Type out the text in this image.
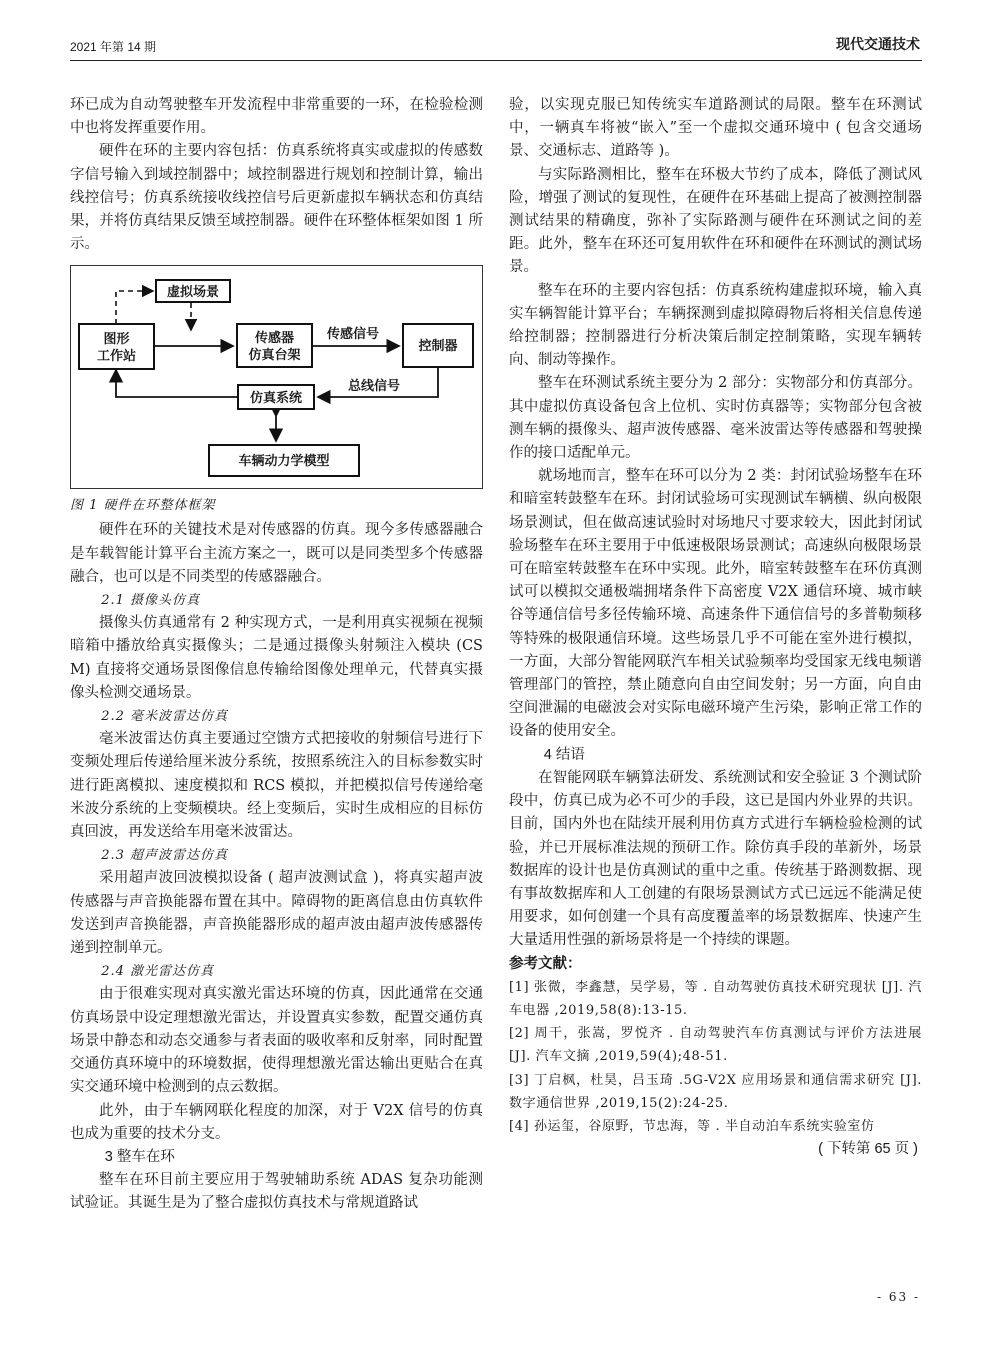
2021 年第 14 期	现代交通技术

环已成为自动驾驶整车开发流程中非常重要的一环，在检验检测中也将发挥重要作用。

硬件在环的主要内容包括：仿真系统将真实或虚拟的传感数字信号输入到域控制器中；域控制器进行规划和控制计算，输出线控信号；仿真系统接收线控信号后更新虚拟车辆状态和仿真结果，并将仿真结果反馈至域控制器。硬件在环整体框架如图 1 所示。

虚拟场景
图形
工作站
传感器
仿真台架
控制器
仿真系统
车辆动力学模型
传感信号
总线信号

图 1 硬件在环整体框架

硬件在环的关键技术是对传感器的仿真。现今多传感器融合是车载智能计算平台主流方案之一，既可以是同类型多个传感器融合，也可以是不同类型的传感器融合。

2.1 摄像头仿真

摄像头仿真通常有 2 种实现方式，一是利用真实视频在视频暗箱中播放给真实摄像头；二是通过摄像头射频注入模块 (CSM) 直接将交通场景图像信息传输给图像处理单元，代替真实摄像头检测交通场景。

2.2 毫米波雷达仿真

毫米波雷达仿真主要通过空馈方式把接收的射频信号进行下变频处理后传递给厘米波分系统，按照系统注入的目标参数实时进行距离模拟、速度模拟和 RCS 模拟，并把模拟信号传递给毫米波分系统的上变频模块。经上变频后，实时生成相应的目标仿真回波，再发送给车用毫米波雷达。

2.3 超声波雷达仿真

采用超声波回波模拟设备 ( 超声波测试盒 )，将真实超声波传感器与声音换能器布置在其中。障碍物的距离信息由仿真软件发送到声音换能器，声音换能器形成的超声波由超声波传感器传递到控制单元。

2.4 激光雷达仿真

由于很难实现对真实激光雷达环境的仿真，因此通常在交通仿真场景中设定理想激光雷达，并设置真实参数，配置交通仿真场景中静态和动态交通参与者表面的吸收率和反射率，同时配置交通仿真环境中的环境数据，使得理想激光雷达输出更贴合在真实交通环境中检测到的点云数据。

此外，由于车辆网联化程度的加深，对于 V2X 信号的仿真也成为重要的技术分支。

3 整车在环

整车在环目前主要应用于驾驶辅助系统 ADAS 复杂功能测试验证。其诞生是为了整合虚拟仿真技术与常规道路试

验，以实现克服已知传统实车道路测试的局限。整车在环测试中，一辆真车将被“嵌入”至一个虚拟交通环境中 ( 包含交通场景、交通标志、道路等 )。

与实际路测相比，整车在环极大节约了成本，降低了测试风险，增强了测试的复现性，在硬件在环基础上提高了被测控制器测试结果的精确度，弥补了实际路测与硬件在环测试之间的差距。此外，整车在环还可复用软件在环和硬件在环测试的测试场景。

整车在环的主要内容包括：仿真系统构建虚拟环境，输入真实车辆智能计算平台；车辆探测到虚拟障碍物后将相关信息传递给控制器；控制器进行分析决策后制定控制策略，实现车辆转向、制动等操作。

整车在环测试系统主要分为 2 部分：实物部分和仿真部分。其中虚拟仿真设备包含上位机、实时仿真器等；实物部分包含被测车辆的摄像头、超声波传感器、毫米波雷达等传感器和驾驶操作的接口适配单元。

就场地而言，整车在环可以分为 2 类：封闭试验场整车在环和暗室转鼓整车在环。封闭试验场可实现测试车辆横、纵向极限场景测试，但在做高速试验时对场地尺寸要求较大，因此封闭试验场整车在环主要用于中低速极限场景测试；高速纵向极限场景可在暗室转鼓整车在环中实现。此外，暗室转鼓整车在环仿真测试可以模拟交通极端拥堵条件下高密度 V2X 通信环境、城市峡谷等通信信号多径传输环境、高速条件下通信信号的多普勒频移等特殊的极限通信环境。这些场景几乎不可能在室外进行模拟，一方面，大部分智能网联汽车相关试验频率均受国家无线电频谱管理部门的管控，禁止随意向自由空间发射；另一方面，向自由空间泄漏的电磁波会对实际电磁环境产生污染，影响正常工作的设备的使用安全。

4 结语

在智能网联车辆算法研发、系统测试和安全验证 3 个测试阶段中，仿真已成为必不可少的手段，这已是国内外业界的共识。目前，国内外也在陆续开展利用仿真方式进行车辆检验检测的试验，并已开展标准法规的预研工作。除仿真手段的革新外，场景数据库的设计也是仿真测试的重中之重。传统基于路测数据、现有事故数据库和人工创建的有限场景测试方式已远远不能满足使用要求，如何创建一个具有高度覆盖率的场景数据库、快速产生大量适用性强的新场景将是一个持续的课题。

参考文献：

[1] 张微，李鑫慧，吴学易，等 . 自动驾驶仿真技术研究现状 [J]. 汽车电器 ,2019,58(8):13-15.

[2] 周干，张嵩，罗悦齐 . 自动驾驶汽车仿真测试与评价方法进展 [J]. 汽车文摘 ,2019,59(4);48-51.

[3] 丁启枫，杜昊，吕玉琦 .5G-V2X 应用场景和通信需求研究 [J]. 数字通信世界 ,2019,15(2):24-25.

[4] 孙运玺，谷原野，节忠海，等 . 半自动泊车系统实验室仿

( 下转第 65 页 )

- 63 -
